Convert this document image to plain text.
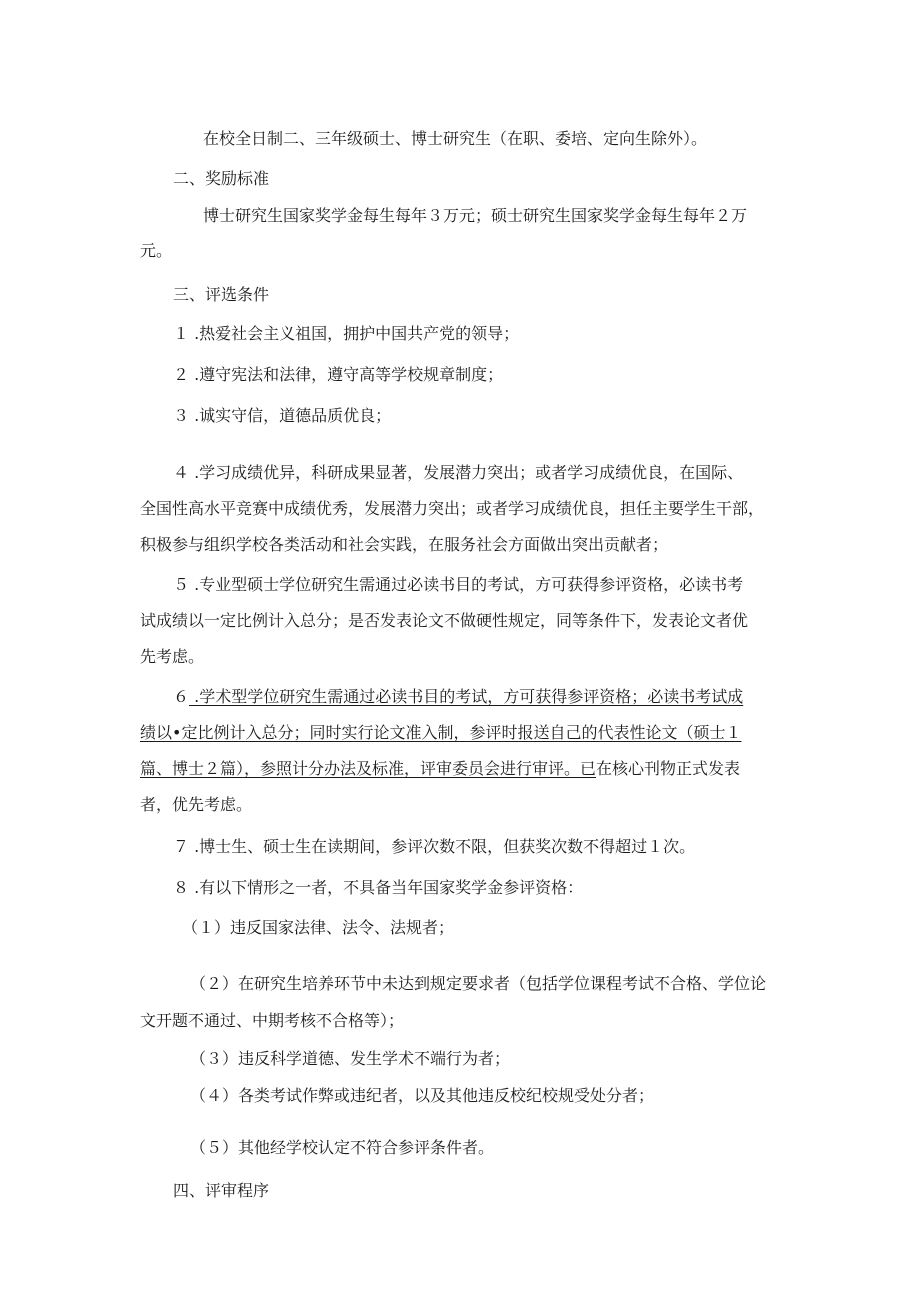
在校全日制二、三年级硕士、博士研究生（在职、委培、定向生除外）。
二、奖励标准
博士研究生国家奖学金每生每年３万元；硕士研究生国家奖学金每生每年２万
元。
三、评选条件
１ .热爱社会主义祖国，拥护中国共产党的领导；
２ .遵守宪法和法律，遵守高等学校规章制度；
３ .诚实守信，道德品质优良；
４ .学习成绩优异，科研成果显著，发展潜力突出；或者学习成绩优良，在国际、
全国性高水平竞赛中成绩优秀，发展潜力突出；或者学习成绩优良，担任主要学生干部，
积极参与组织学校各类活动和社会实践，在服务社会方面做出突出贡献者；
５ .专业型硕士学位研究生需通过必读书目的考试，方可获得参评资格，必读书考
试成绩以一定比例计入总分；是否发表论文不做硬性规定，同等条件下，发表论文者优
先考虑。
６ .学术型学位研究生需通过必读书目的考试，方可获得参评资格；必读书考试成
绩以•定比例计入总分；同时实行论文准入制，参评时报送自己的代表性论文（硕士１
篇、博士２篇），参照计分办法及标准，评审委员会进行审评。已在核心刊物正式发表
者，优先考虑。
７ .博士生、硕士生在读期间，参评次数不限，但获奖次数不得超过１次。
８ .有以下情形之一者，不具备当年国家奖学金参评资格：
（１）违反国家法律、法令、法规者；
（２）在研究生培养环节中未达到规定要求者（包括学位课程考试不合格、学位论
文开题不通过、中期考核不合格等）；
（３）违反科学道德、发生学术不端行为者；
（４）各类考试作弊或违纪者，以及其他违反校纪校规受处分者；
（５）其他经学校认定不符合参评条件者。
四、评审程序
